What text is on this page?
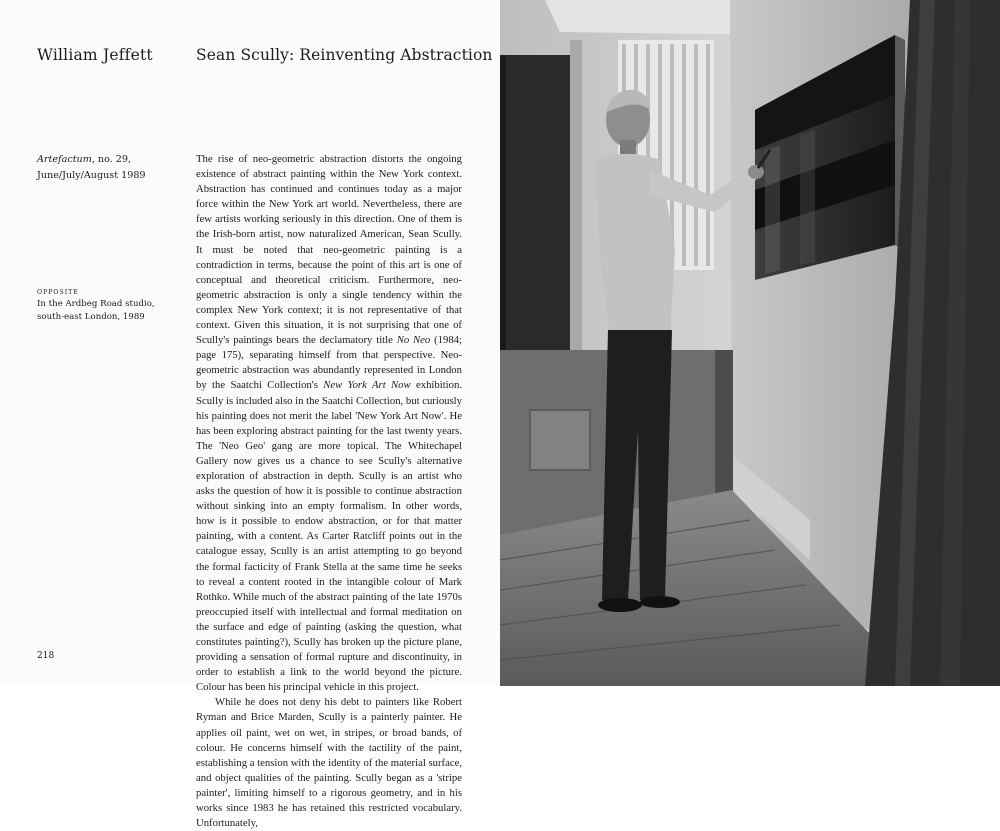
William Jeffett	Sean Scully: Reinventing Abstraction
Artefactum, no. 29,
June/July/August 1989
OPPOSITE
In the Ardbeg Road studio,
south-east London, 1989

The rise of neo-geometric abstraction distorts the ongoing existence of abstract painting within the New York context. Abstraction has continued and continues today as a major force within the New York art world. Nevertheless, there are few artists working seriously in this direction. One of them is the Irish-born artist, now naturalized American, Sean Scully. It must be noted that neo-geometric painting is a contradiction in terms, because the point of this art is one of conceptual and theoretical criticism. Furthermore, neo-geometric abstraction is only a single tendency within the complex New York context; it is not representative of that context. Given this situation, it is not surprising that one of Scully's paintings bears the declamatory title No Neo (1984; page 175), separating himself from that perspective. Neo-geometric abstraction was abundantly represented in London by the Saatchi Collection's New York Art Now exhibition. Scully is included also in the Saatchi Collection, but curiously his painting does not merit the label 'New York Art Now'. He has been exploring abstract painting for the last twenty years. The 'Neo Geo' gang are more topical. The Whitechapel Gallery now gives us a chance to see Scully's alternative exploration of abstraction in depth. Scully is an artist who asks the question of how it is possible to continue abstraction without sinking into an empty formalism. In other words, how is it possible to endow abstraction, or for that matter painting, with a content. As Carter Ratcliff points out in the catalogue essay, Scully is an artist attempting to go beyond the formal facticity of Frank Stella at the same time he seeks to reveal a content rooted in the intangible colour of Mark Rothko. While much of the abstract painting of the late 1970s preoccupied itself with intellectual and formal meditation on the surface and edge of painting (asking the question, what constitutes painting?), Scully has broken up the picture plane, providing a sensation of formal rupture and discontinuity, in order to establish a link to the world beyond the picture. Colour has been his principal vehicle in this project.

While he does not deny his debt to painters like Robert Ryman and Brice Marden, Scully is a painterly painter. He applies oil paint, wet on wet, in stripes, or broad bands, of colour. He concerns himself with the tactility of the paint, establishing a tension with the identity of the material surface, and object qualities of the painting. Scully began as a 'stripe painter', limiting himself to a rigorous geometry, and in his works since 1983 he has retained this restricted vocabulary. Unfortunately,

218
